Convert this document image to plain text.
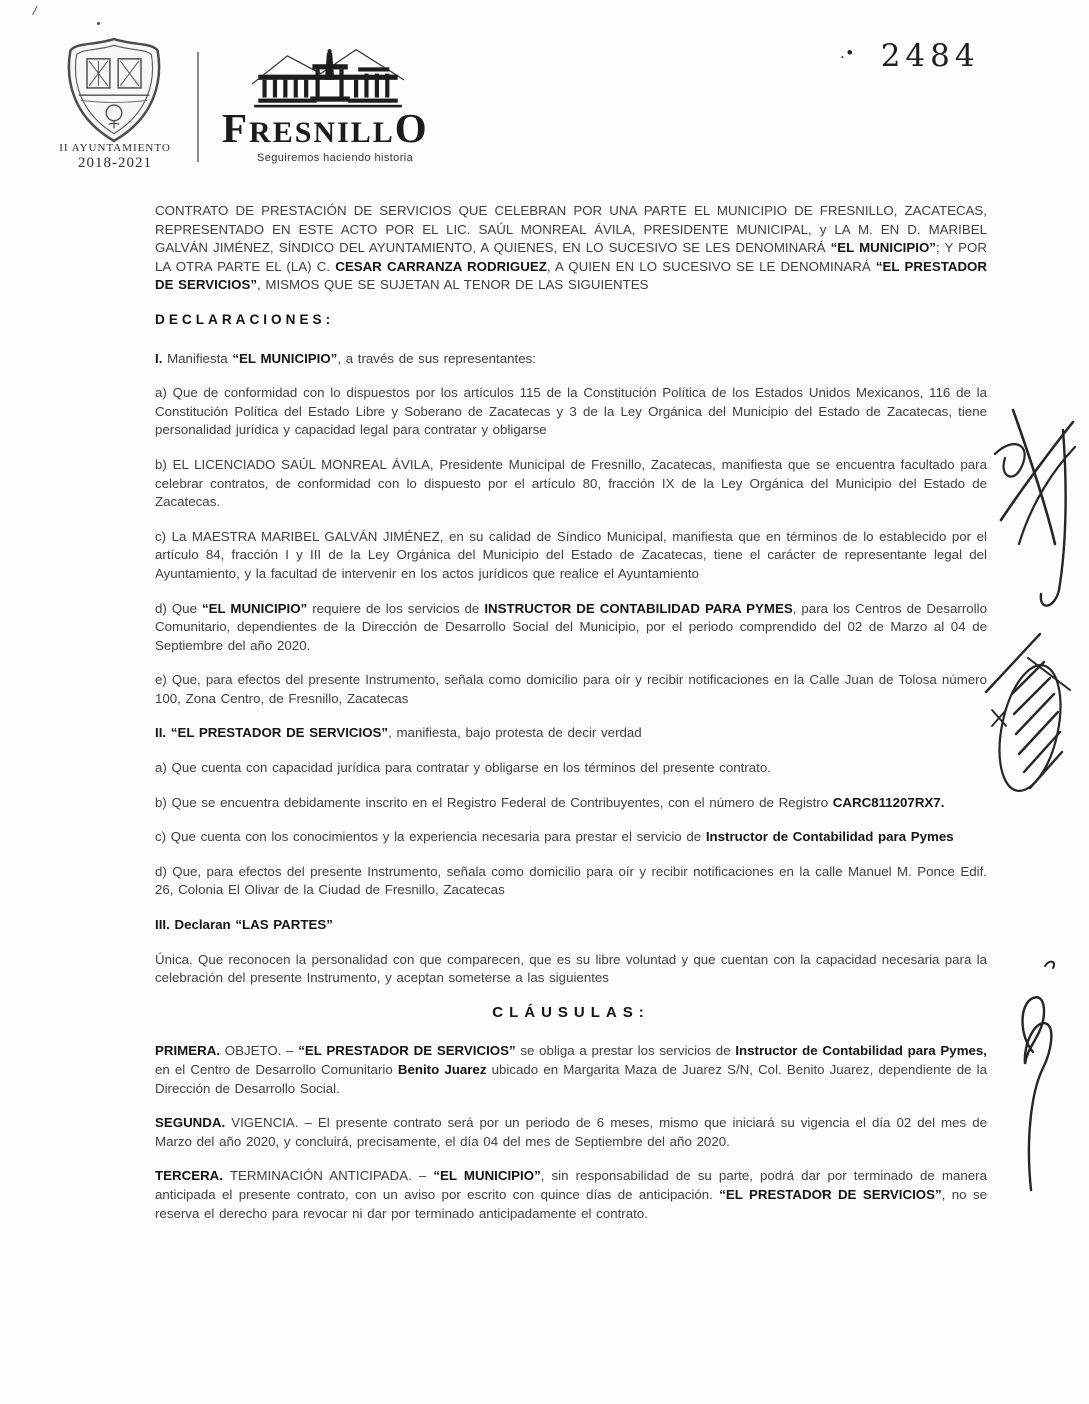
/
II AYUNTAMIENTO
2018-2021
FRESNILLO
Seguiremos haciendo historia
.• 2484

CONTRATO DE PRESTACIÓN DE SERVICIOS QUE CELEBRAN POR UNA PARTE EL MUNICIPIO DE FRESNILLO, ZACATECAS, REPRESENTADO EN ESTE ACTO POR EL LIC. SAÚL MONREAL ÁVILA, PRESIDENTE MUNICIPAL, y LA M. EN D. MARIBEL GALVÁN JIMÉNEZ, SÍNDICO DEL AYUNTAMIENTO, A QUIENES, EN LO SUCESIVO SE LES DENOMINARÁ “EL MUNICIPIO”; Y POR LA OTRA PARTE EL (LA) C. CESAR CARRANZA RODRIGUEZ, A QUIEN EN LO SUCESIVO SE LE DENOMINARÁ “EL PRESTADOR DE SERVICIOS”, MISMOS QUE SE SUJETAN AL TENOR DE LAS SIGUIENTES

DECLARACIONES:

I. Manifiesta “EL MUNICIPIO”, a través de sus representantes:

a) Que de conformidad con lo dispuestos por los artículos 115 de la Constitución Política de los Estados Unidos Mexicanos, 116 de la Constitución Política del Estado Libre y Soberano de Zacatecas y 3 de la Ley Orgánica del Municipio del Estado de Zacatecas, tiene personalidad jurídica y capacidad legal para contratar y obligarse

b) EL LICENCIADO SAÚL MONREAL ÁVILA, Presidente Municipal de Fresnillo, Zacatecas, manifiesta que se encuentra facultado para celebrar contratos, de conformidad con lo dispuesto por el artículo 80, fracción IX de la Ley Orgánica del Municipio del Estado de Zacatecas.

c) La MAESTRA MARIBEL GALVÁN JIMÉNEZ, en su calidad de Síndico Municipal, manifiesta que en términos de lo establecido por el artículo 84, fracción I y III de la Ley Orgánica del Municipio del Estado de Zacatecas, tiene el carácter de representante legal del Ayuntamiento, y la facultad de intervenir en los actos jurídicos que realice el Ayuntamiento

d) Que “EL MUNICIPIO” requiere de los servicios de INSTRUCTOR DE CONTABILIDAD PARA PYMES, para los Centros de Desarrollo Comunitario, dependientes de la Dirección de Desarrollo Social del Municipio, por el periodo comprendido del 02 de Marzo al 04 de Septiembre del año 2020.

e) Que, para efectos del presente Instrumento, señala como domicilio para oír y recibir notificaciones en la Calle Juan de Tolosa número 100, Zona Centro, de Fresnillo, Zacatecas

II. “EL PRESTADOR DE SERVICIOS”, manifiesta, bajo protesta de decir verdad

a) Que cuenta con capacidad jurídica para contratar y obligarse en los términos del presente contrato.

b) Que se encuentra debidamente inscrito en el Registro Federal de Contribuyentes, con el número de Registro CARC811207RX7.

c) Que cuenta con los conocimientos y la experiencia necesaria para prestar el servicio de Instructor de Contabilidad para Pymes

d) Que, para efectos del presente Instrumento, señala como domicilio para oír y recibir notificaciones en la calle Manuel M. Ponce Edif. 26, Colonia El Olivar de la Ciudad de Fresnillo, Zacatecas

III. Declaran “LAS PARTES”

Única. Que reconocen la personalidad con que comparecen, que es su libre voluntad y que cuentan con la capacidad necesaria para la celebración del presente Instrumento, y aceptan someterse a las siguientes

CLÁUSULAS:

PRIMERA. OBJETO. – “EL PRESTADOR DE SERVICIOS” se obliga a prestar los servicios de Instructor de Contabilidad para Pymes, en el Centro de Desarrollo Comunitario Benito Juarez ubicado en Margarita Maza de Juarez S/N, Col. Benito Juarez, dependiente de la Dirección de Desarrollo Social.

SEGUNDA. VIGENCIA. – El presente contrato será por un periodo de 6 meses, mismo que iniciará su vigencia el día 02 del mes de Marzo del año 2020, y concluirá, precisamente, el día 04 del mes de Septiembre del año 2020.

TERCERA. TERMINACIÓN ANTICIPADA. – “EL MUNICIPIO”, sin responsabilidad de su parte, podrá dar por terminado de manera anticipada el presente contrato, con un aviso por escrito con quince días de anticipación. “EL PRESTADOR DE SERVICIOS”, no se reserva el derecho para revocar ni dar por terminado anticipadamente el contrato.
